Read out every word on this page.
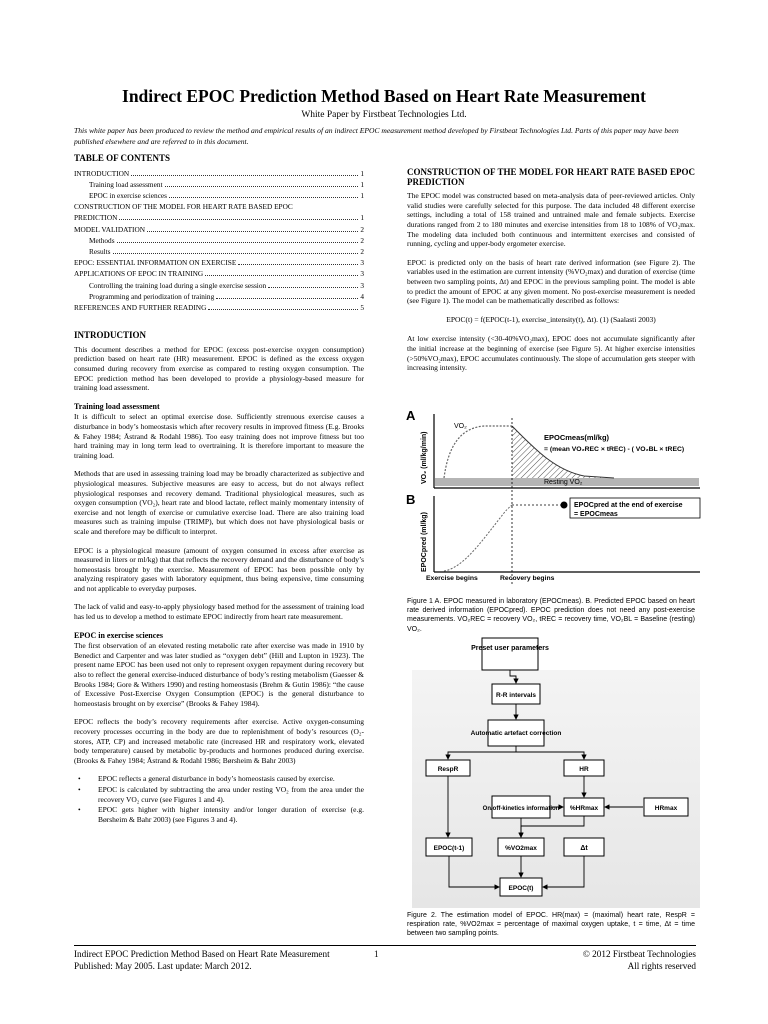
Indirect EPOC Prediction Method Based on Heart Rate Measurement
White Paper by Firstbeat Technologies Ltd.
This white paper has been produced to review the method and empirical results of an indirect EPOC measurement method developed by Firstbeat Technologies Ltd. Parts of this paper may have been published elsewhere and are referred to in this document.
TABLE OF CONTENTS
INTRODUCTION	1
Training load assessment	1
EPOC in exercise sciences	1
CONSTRUCTION OF THE MODEL FOR HEART RATE BASED EPOC
PREDICTION	1
MODEL VALIDATION	2
Methods	2
Results	2
EPOC: ESSENTIAL INFORMATION ON EXERCISE	3
APPLICATIONS OF EPOC IN TRAINING	3
Controlling the training load during a single exercise session	3
Programming and periodization of training	4
REFERENCES AND FURTHER READING	5
INTRODUCTION

This document describes a method for EPOC (excess post-exercise oxygen consumption) prediction based on heart rate (HR) measurement. EPOC is defined as the excess oxygen consumed during recovery from exercise as compared to resting oxygen consumption. The EPOC prediction method has been developed to provide a physiology-based measure for training load assessment.

Training load assessment

It is difficult to select an optimal exercise dose. Sufficiently strenuous exercise causes a disturbance in body’s homeostasis which after recovery results in improved fitness (E.g. Brooks & Fahey 1984; Åstrand & Rodahl 1986). Too easy training does not improve fitness but too hard training may in long term lead to overtraining. It is therefore important to measure the training load.

Methods that are used in assessing training load may be broadly characterized as subjective and physiological measures. Subjective measures are easy to access, but do not always reflect physiological responses and recovery demand. Traditional physiological measures, such as oxygen consumption (VO₂), heart rate and blood lactate, reflect mainly momentary intensity of exercise and not length of exercise or cumulative exercise load. There are also training load measures such as training impulse (TRIMP), but which does not have physiological basis or scale and therefore may be difficult to interpret.

EPOC is a physiological measure (amount of oxygen consumed in excess after exercise as measured in liters or ml/kg) that that reflects the recovery demand and the disturbance of body’s homeostasis brought by the exercise. Measurement of EPOC has been possible only by analyzing respiratory gases with laboratory equipment, thus being expensive, time consuming and not applicable to everyday purposes.

The lack of valid and easy-to-apply physiology based method for the assessment of training load has led us to develop a method to estimate EPOC indirectly from heart rate measurement.

EPOC in exercise sciences

The first observation of an elevated resting metabolic rate after exercise was made in 1910 by Benedict and Carpenter and was later studied as “oxygen debt” (Hill and Lupton in 1923). The present name EPOC has been used not only to represent oxygen repayment during recovery but also to reflect the general exercise-induced disturbance of body’s resting metabolism (Gaesser & Brooks 1984; Gore & Withers 1990) and resting homeostasis (Brehm & Gutin 1986): “the cause of Excessive Post-Exercise Oxygen Consumption (EPOC) is the general disturbance to homeostasis brought on by exercise” (Brooks & Fahey 1984).

EPOC reflects the body’s recovery requirements after exercise. Active oxygen-consuming recovery processes occurring in the body are due to replenishment of body’s resources (O₂-stores, ATP, CP) and increased metabolic rate (increased HR and respiratory work, elevated body temperature) caused by metabolic by-products and hormones produced during exercise. (Brooks & Fahey 1984; Åstrand & Rodahl 1986; Børsheim & Bahr 2003)

• EPOC reflects a general disturbance in body’s homeostasis caused by exercise.
• EPOC is calculated by subtracting the area under resting VO₂ from the area under the recovery VO₂ curve (see Figures 1 and 4).
• EPOC gets higher with higher intensity and/or longer duration of exercise (e.g. Børsheim & Bahr 2003) (see Figures 3 and 4).
CONSTRUCTION OF THE MODEL FOR HEART RATE BASED EPOC PREDICTION

The EPOC model was constructed based on meta-analysis data of peer-reviewed articles. Only valid studies were carefully selected for this purpose. The data included 48 different exercise settings, including a total of 158 trained and untrained male and female subjects. Exercise durations ranged from 2 to 180 minutes and exercise intensities from 18 to 108% of VO₂max. The modeling data included both continuous and intermittent exercises and consisted of running, cycling and upper-body ergometer exercise.

EPOC is predicted only on the basis of heart rate derived information (see Figure 2). The variables used in the estimation are current intensity (%VO₂max) and duration of exercise (time between two sampling points, Δt) and EPOC in the previous sampling point. The model is able to predict the amount of EPOC at any given moment. No post-exercise measurement is needed (see Figure 1). The model can be mathematically described as follows:

EPOC(t) = f(EPOC(t-1), exercise_intensity(t), Δt). (1) (Saalasti 2003)

At low exercise intensity (<30-40%VO₂max), EPOC does not accumulate significantly after the initial increase at the beginning of exercise (see Figure 5). At higher exercise intensities (>50%VO₂max), EPOC accumulates continuously. The slope of accumulation gets steeper with increasing intensity.

A
B
VO₂ (ml/kg/min)
EPOCpred (ml/kg)
VO₂
EPOCmeas(ml/kg)
= (mean VO₂REC × tREC) - ( VO₂BL × tREC)
Resting VO₂
EPOCpred at the end of exercise
= EPOCmeas
Exercise begins	Recovery begins
Figure 1 A. EPOC measured in laboratory (EPOCmeas). B. Predicted EPOC based on heart rate derived information (EPOCpred). EPOC prediction does not need any post-exercise measurements. VO₂REC = recovery VO₂, tREC = recovery time, VO₂BL = Baseline (resting) VO₂.
Preset user parameters
R-R intervals
Automatic artefact correction
RespR	HR
On/off-kinetics information %HRmax	HRmax
EPOC(t-1)	%VO2max	Δt
EPOC(t)
Figure 2. The estimation model of EPOC. HR(max) = (maximal) heart rate, RespR = respiration rate, %VO2max = percentage of maximal oxygen uptake, t = time, Δt = time between two sampling points.
Indirect EPOC Prediction Method Based on Heart Rate Measurement
Published: May 2005. Last update: March 2012.
1	© 2012 Firstbeat Technologies
All rights reserved
